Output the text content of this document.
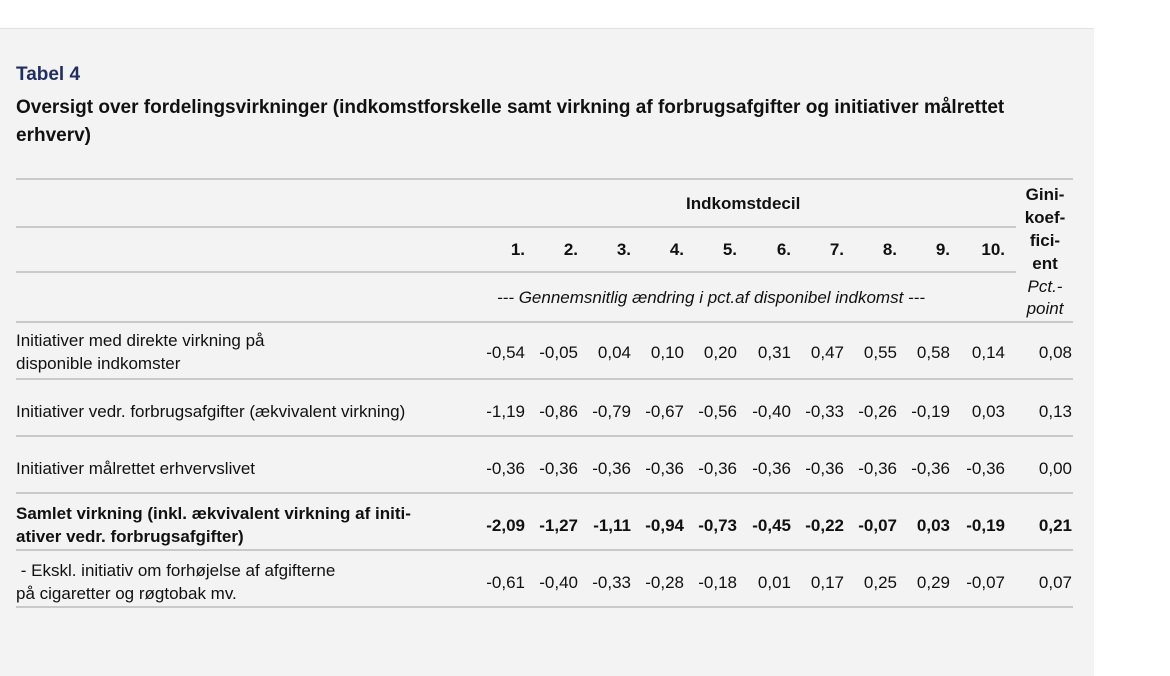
Tabel 4
Oversigt over fordelingsvirkninger (indkomstforskelle samt virkning af forbrugsafgifter og initiativer målrettet erhverv)
Indkomstdecil	Gini-
koef-
fici-
ent
1.	2.	3.	4.	5.	6.	7.	8.	9.	10.
--- Gennemsnitlig ændring i pct.af disponibel indkomst ---
Pct.-
point
Initiativer med direkte virkning på
disponible indkomster
-0,54 -0,05	0,04	0,10	0,20	0,31	0,47	0,55	0,58	0,14	0,08
Initiativer vedr. forbrugsafgifter (ækvivalent virkning)	-1,19 -0,86 -0,79 -0,67 -0,56 -0,40 -0,33 -0,26 -0,19	0,03	0,13
Initiativer målrettet erhvervslivet	-0,36 -0,36 -0,36 -0,36 -0,36 -0,36 -0,36 -0,36 -0,36 -0,36	0,00
Samlet virkning (inkl. ækvivalent virkning af initi-
ativer vedr. forbrugsafgifter)
-2,09 -1,27 -1,11 -0,94 -0,73 -0,45 -0,22 -0,07	0,03 -0,19	0,21
- Ekskl. initiativ om forhøjelse af afgifterne
på cigaretter og røgtobak mv.
-0,61 -0,40 -0,33 -0,28 -0,18	0,01	0,17	0,25	0,29 -0,07	0,07
